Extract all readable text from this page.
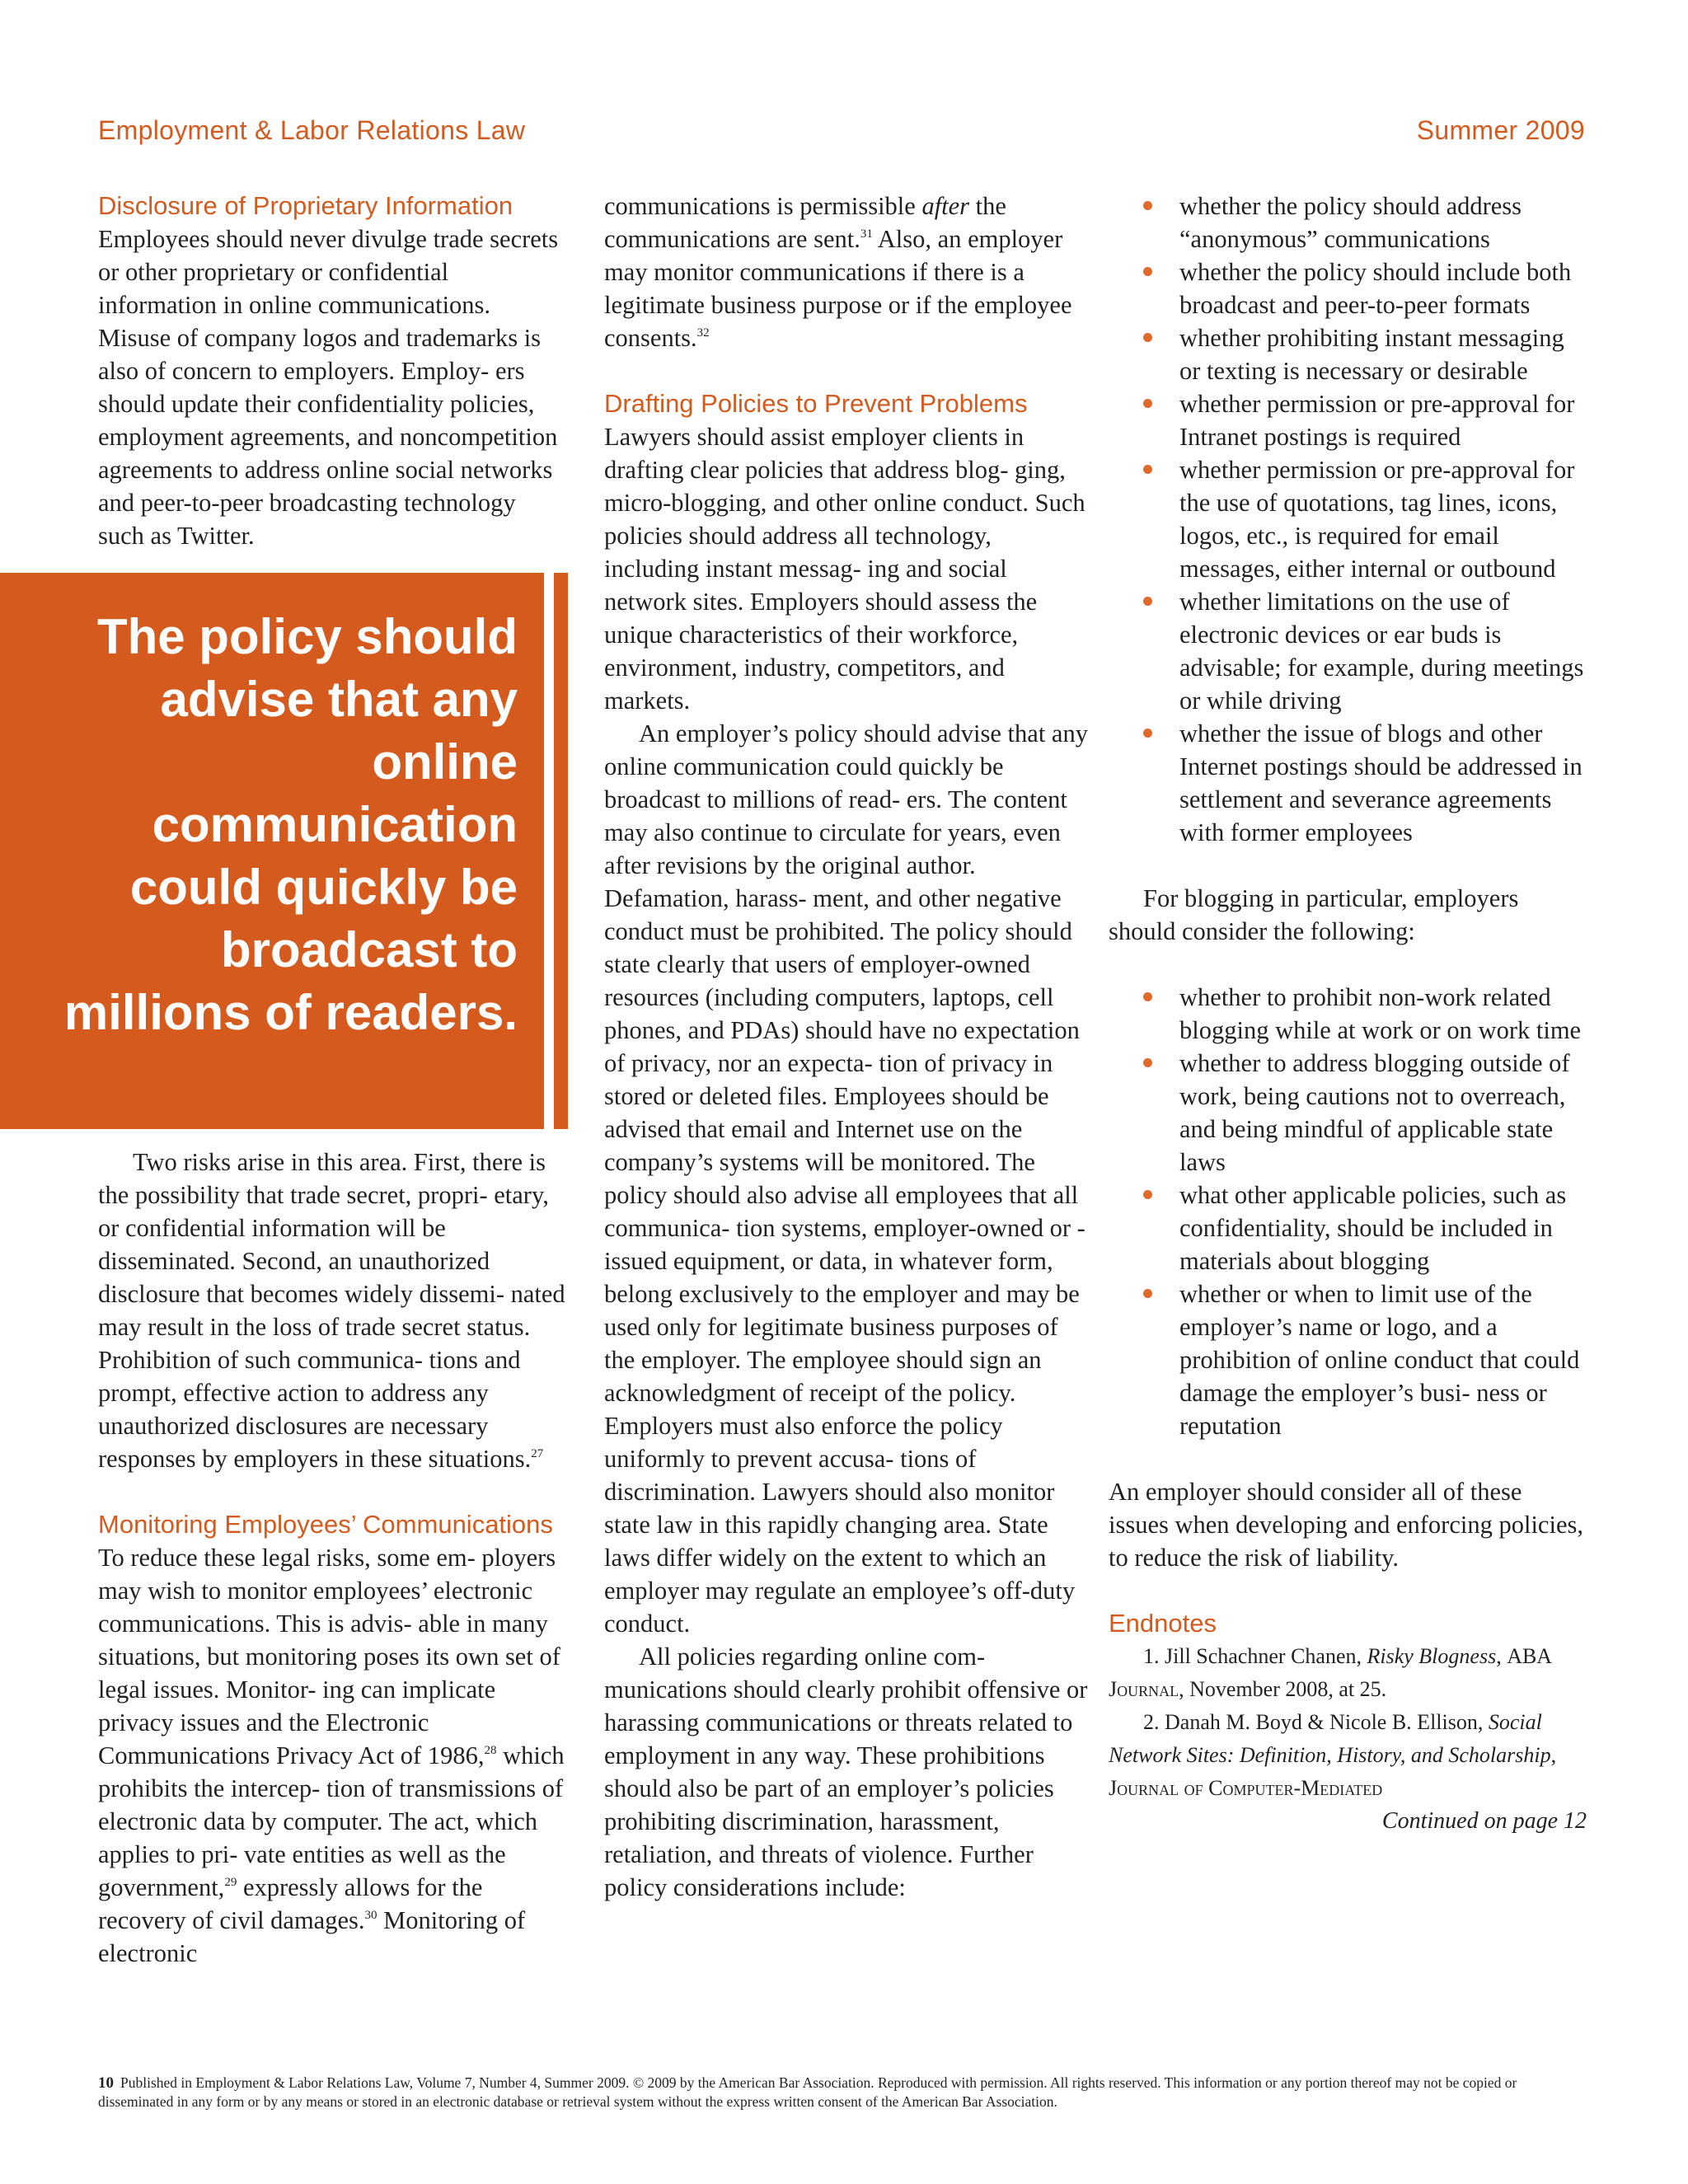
Employment & Labor Relations Law	Summer 2009
The policy should advise that any online communication could quickly be broadcast to millions of readers.
Disclosure of Proprietary Information

Employees should never divulge trade secrets or other proprietary or confidential information in online communications. Misuse of company logos and trademarks is also of concern to employers. Employ- ers should update their confidentiality policies, employment agreements, and noncompetition agreements to address online social networks and peer-to-peer broadcasting technology such as Twitter.

Two risks arise in this area. First, there is the possibility that trade secret, propri- etary, or confidential information will be disseminated. Second, an unauthorized disclosure that becomes widely dissemi- nated may result in the loss of trade secret status. Prohibition of such communica- tions and prompt, effective action to address any unauthorized disclosures are necessary responses by employers in these situations.$^{27}$

Monitoring Employees’ Communications

To reduce these legal risks, some em- ployers may wish to monitor employees’ electronic communications. This is advis- able in many situations, but monitoring poses its own set of legal issues. Monitor- ing can implicate privacy issues and the Electronic Communications Privacy Act of 1986,28 which prohibits the intercep- tion of transmissions of electronic data by computer. The act, which applies to pri- vate entities as well as the government,$^{29}$ expressly allows for the recovery of civil damages.$^{30}$ Monitoring of electronic

communications is permissible after the communications are sent.$^{31}$ Also, an employer may monitor communications if there is a legitimate business purpose or if the employee consents.$^{32}$

Drafting Policies to Prevent Problems

Lawyers should assist employer clients in drafting clear policies that address blog- ging, micro-blogging, and other online conduct. Such policies should address all technology, including instant messag- ing and social network sites. Employers should assess the unique characteristics of their workforce, environment, industry, competitors, and markets.

An employer’s policy should advise that any online communication could quickly be broadcast to millions of read- ers. The content may also continue to circulate for years, even after revisions by the original author. Defamation, harass- ment, and other negative conduct must be prohibited. The policy should state clearly that users of employer-owned resources (including computers, laptops, cell phones, and PDAs) should have no expectation of privacy, nor an expecta- tion of privacy in stored or deleted files. Employees should be advised that email and Internet use on the company’s systems will be monitored. The policy should also advise all employees that all communica- tion systems, employer-owned or -issued equipment, or data, in whatever form, belong exclusively to the employer and may be used only for legitimate business purposes of the employer. The employee should sign an acknowledgment of receipt of the policy. Employers must also enforce the policy uniformly to prevent accusa- tions of discrimination. Lawyers should also monitor state law in this rapidly changing area. State laws differ widely on the extent to which an employer may regulate an employee’s off-duty conduct.

All policies regarding online com- munications should clearly prohibit offensive or harassing communications or threats related to employment in any way. These prohibitions should also be part of an employer’s policies prohibiting discrimination, harassment, retaliation, and threats of violence. Further policy considerations include:

whether the policy should address “anonymous” communications
whether the policy should include both broadcast and peer-to-peer formats
whether prohibiting instant messaging or texting is necessary or desirable
whether permission or pre-approval for Intranet postings is required
whether permission or pre-approval for the use of quotations, tag lines, icons, logos, etc., is required for email messages, either internal or outbound
whether limitations on the use of electronic devices or ear buds is advisable; for example, during meetings or while driving
whether the issue of blogs and other Internet postings should be addressed in settlement and severance agreements with former employees

For blogging in particular, employers should consider the following:

whether to prohibit non-work related blogging while at work or on work time
whether to address blogging outside of work, being cautions not to overreach, and being mindful of applicable state laws
what other applicable policies, such as confidentiality, should be included in materials about blogging
whether or when to limit use of the employer’s name or logo, and a prohibition of online conduct that could damage the employer’s busi- ness or reputation

An employer should consider all of these issues when developing and enforcing policies, to reduce the risk of liability.

Endnotes

1. Jill Schachner Chanen, Risky Blogness, ABA Journal, November 2008, at 25.

2. Danah M. Boyd & Nicole B. Ellison, Social Network Sites: Definition, History, and Scholarship, Journal of Computer-Mediated

Continued on page 12
10 Published in Employment & Labor Relations Law, Volume 7, Number 4, Summer 2009. © 2009 by the American Bar Association. Reproduced with permission. All rights reserved. This information or any portion thereof may not be copied or disseminated in any form or by any means or stored in an electronic database or retrieval system without the express written consent of the American Bar Association.
